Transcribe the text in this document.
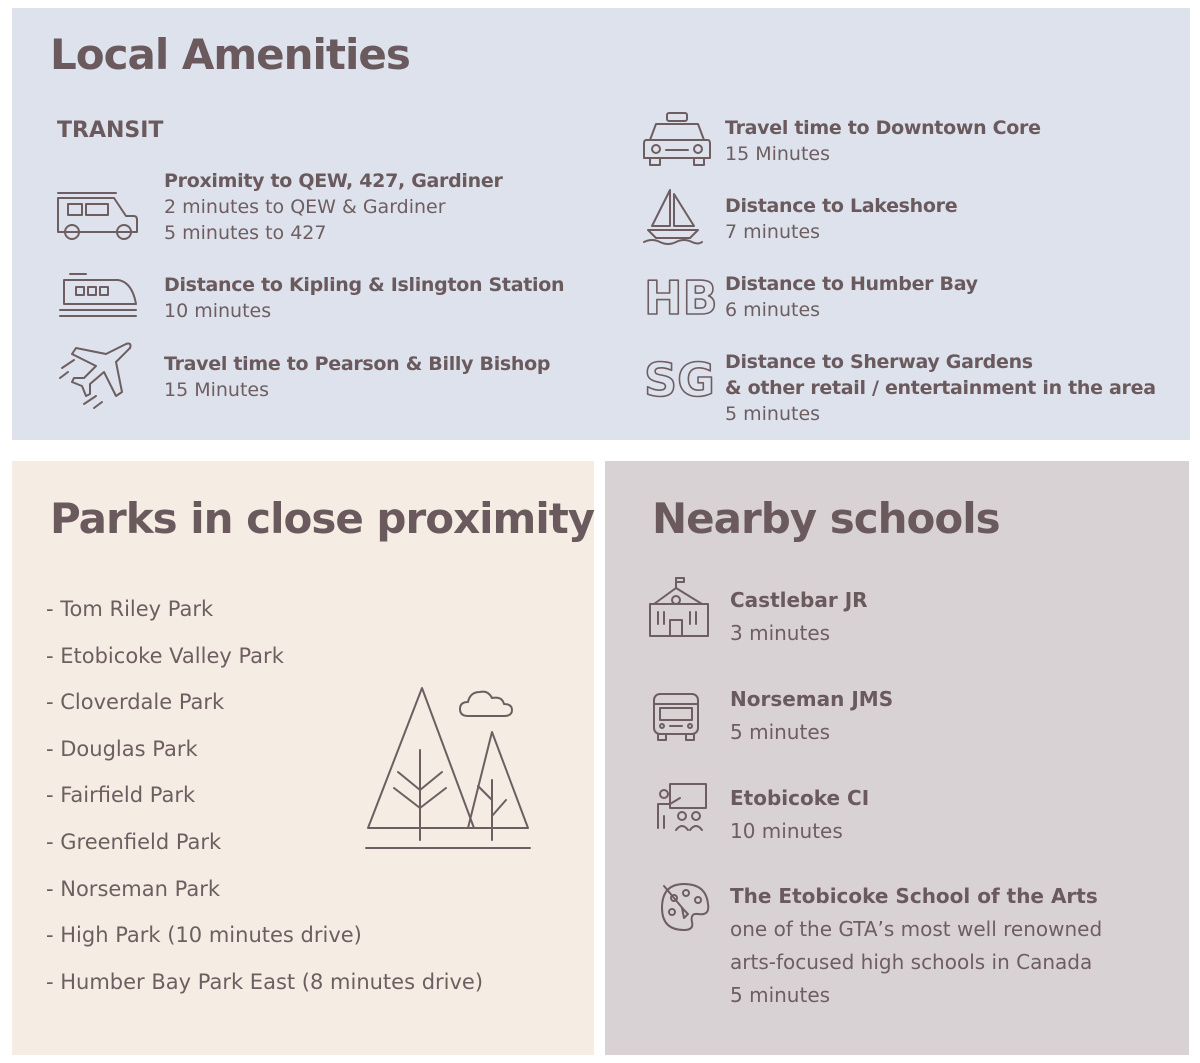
Local Amenities
TRANSIT
Proximity to QEW, 427, Gardiner
2 minutes to QEW & Gardiner
5 minutes to 427
Distance to Kipling & Islington Station
10 minutes
Travel time to Pearson & Billy Bishop
15 Minutes
Travel time to Downtown Core
15 Minutes
Distance to Lakeshore
7 minutes
HB Distance to Humber Bay
6 minutes
SG Distance to Sherway Gardens
& other retail / entertainment in the area
5 minutes
Parks in close proximity
- Tom Riley Park
- Etobicoke Valley Park
- Cloverdale Park
- Douglas Park
- Fairfield Park
- Greenfield Park
- Norseman Park
- High Park (10 minutes drive)
- Humber Bay Park East (8 minutes drive)
Nearby schools
Castlebar JR
3 minutes
Norseman JMS
5 minutes
Etobicoke CI
10 minutes
The Etobicoke School of the Arts
one of the GTA’s most well renowned
arts-focused high schools in Canada
5 minutes
